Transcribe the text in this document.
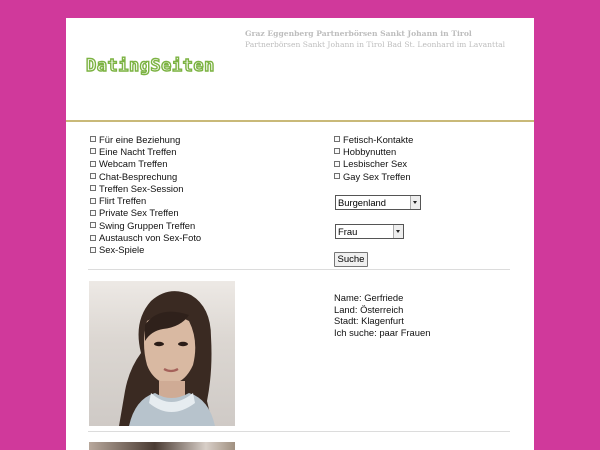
DatingSeiten
Graz Eggenberg Partnerbörsen Sankt Johann in Tirol
Partnerbörsen Sankt Johann in Tirol Bad St. Leonhard im Lavanttal
Für eine Beziehung
Eine Nacht Treffen
Webcam Treffen
Chat-Besprechung
Treffen Sex-Session
Flirt Treffen
Private Sex Treffen
Swing Gruppen Treffen
Austausch von Sex-Foto
Sex-Spiele
Fetisch-Kontakte
Hobbynutten
Lesbischer Sex
Gay Sex Treffen
Burgenland
Frau
Suche
Name: Gerfriede
Land: Österreich
Stadt: Klagenfurt
Ich suche: paar Frauen
